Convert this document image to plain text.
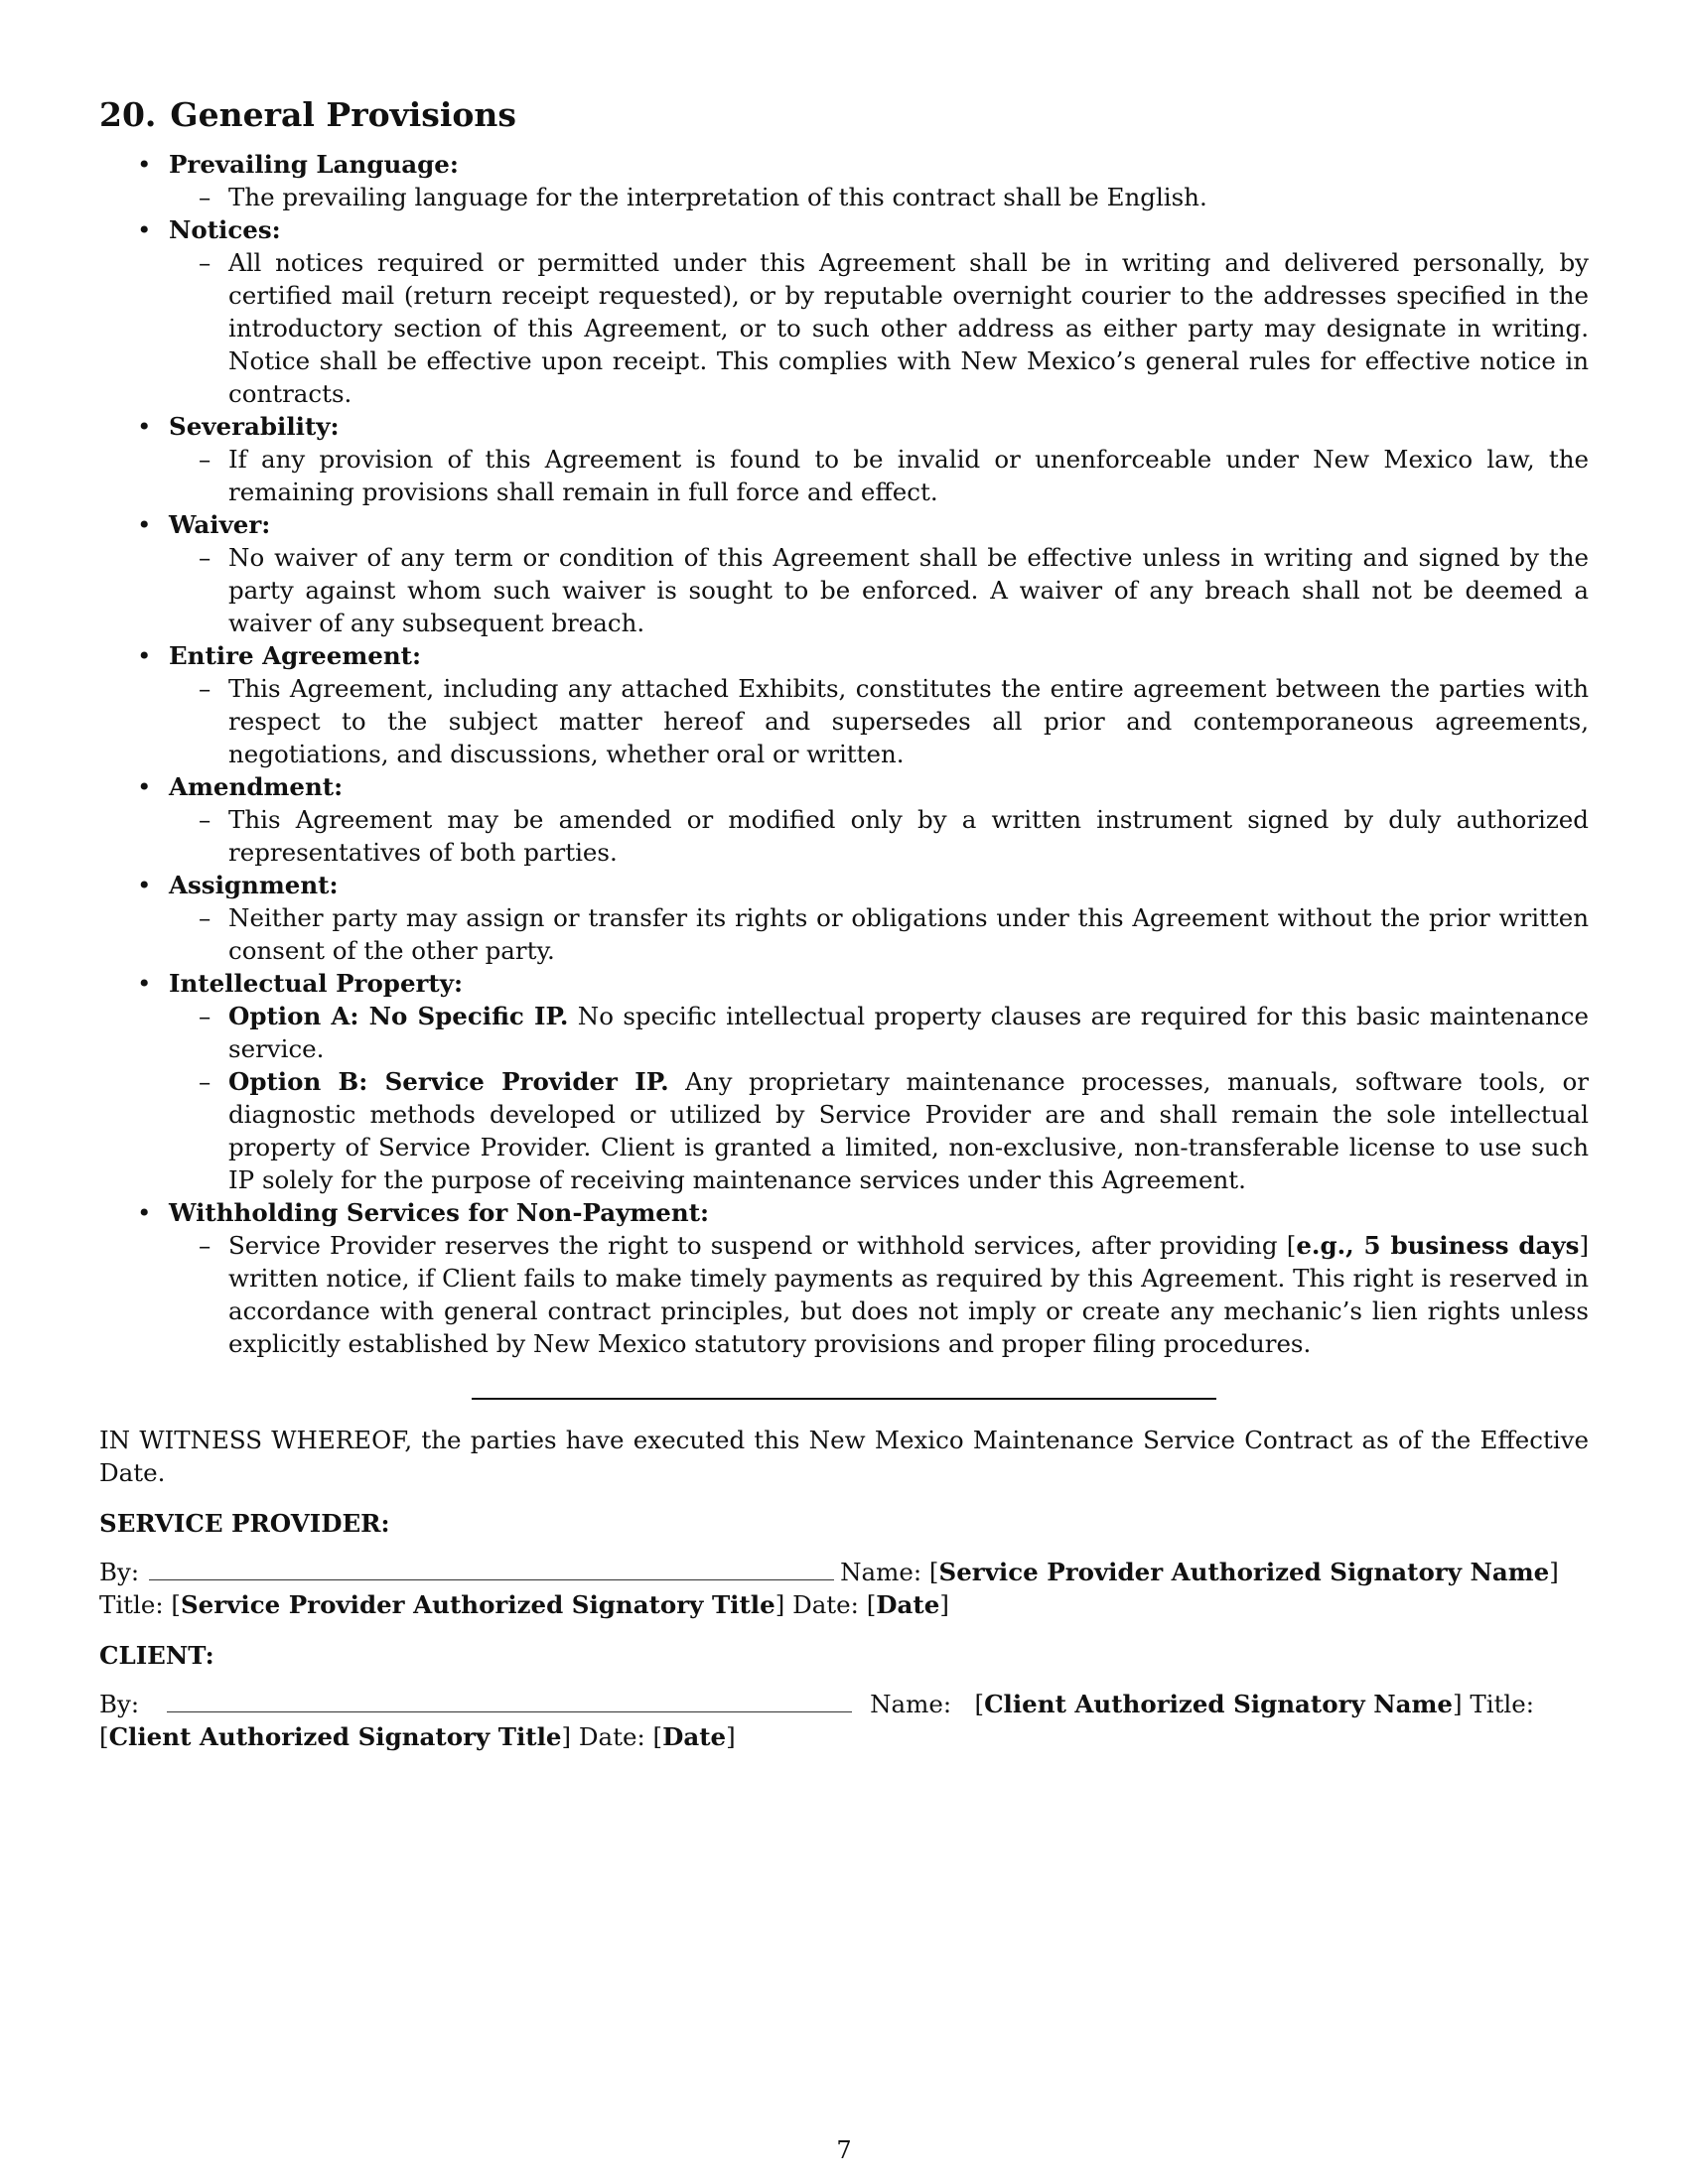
20. General Provisions
• Prevailing Language:
– The prevailing language for the interpretation of this contract shall be English.
• Notices:
– All notices required or permitted under this Agreement shall be in writing and delivered personally, by certified mail (return receipt requested), or by reputable overnight courier to the addresses specified in the introductory section of this Agreement, or to such other address as either party may designate in writing. Notice shall be effective upon receipt. This complies with New Mexico’s general rules for effective notice in contracts.
• Severability:
– If any provision of this Agreement is found to be invalid or unenforceable under New Mexico law, the remaining provisions shall remain in full force and effect.
• Waiver:
– No waiver of any term or condition of this Agreement shall be effective unless in writing and signed by the party against whom such waiver is sought to be enforced. A waiver of any breach shall not be deemed a waiver of any subsequent breach.
• Entire Agreement:
– This Agreement, including any attached Exhibits, constitutes the entire agreement between the parties with respect to the subject matter hereof and supersedes all prior and contemporaneous agreements, negotiations, and discussions, whether oral or written.
• Amendment:
– This Agreement may be amended or modified only by a written instrument signed by duly authorized representatives of both parties.
• Assignment:
– Neither party may assign or transfer its rights or obligations under this Agreement without the prior written consent of the other party.
• Intellectual Property:
– Option A: No Specific IP. No specific intellectual property clauses are required for this basic maintenance service.
– Option B: Service Provider IP. Any proprietary maintenance processes, manuals, software tools, or diagnostic methods developed or utilized by Service Provider are and shall remain the sole intellectual property of Service Provider. Client is granted a limited, non-exclusive, non-transferable license to use such IP solely for the purpose of receiving maintenance services under this Agreement.
• Withholding Services for Non-Payment:
– Service Provider reserves the right to suspend or withhold services, after providing [e.g., 5 business days] written notice, if Client fails to make timely payments as required by this Agreement. This right is reserved in accordance with general contract principles, but does not imply or create any mechanic’s lien rights unless explicitly established by New Mexico statutory provisions and proper filing procedures.
IN WITNESS WHEREOF, the parties have executed this New Mexico Maintenance Service Contract as of the Effective Date.
SERVICE PROVIDER:
By:	Name: [Service Provider Authorized Signatory Name]
Title: [Service Provider Authorized Signatory Title] Date: [Date]
CLIENT:
By:	Name:   [Client Authorized Signatory Name] Title:
[Client Authorized Signatory Title] Date: [Date]
7
